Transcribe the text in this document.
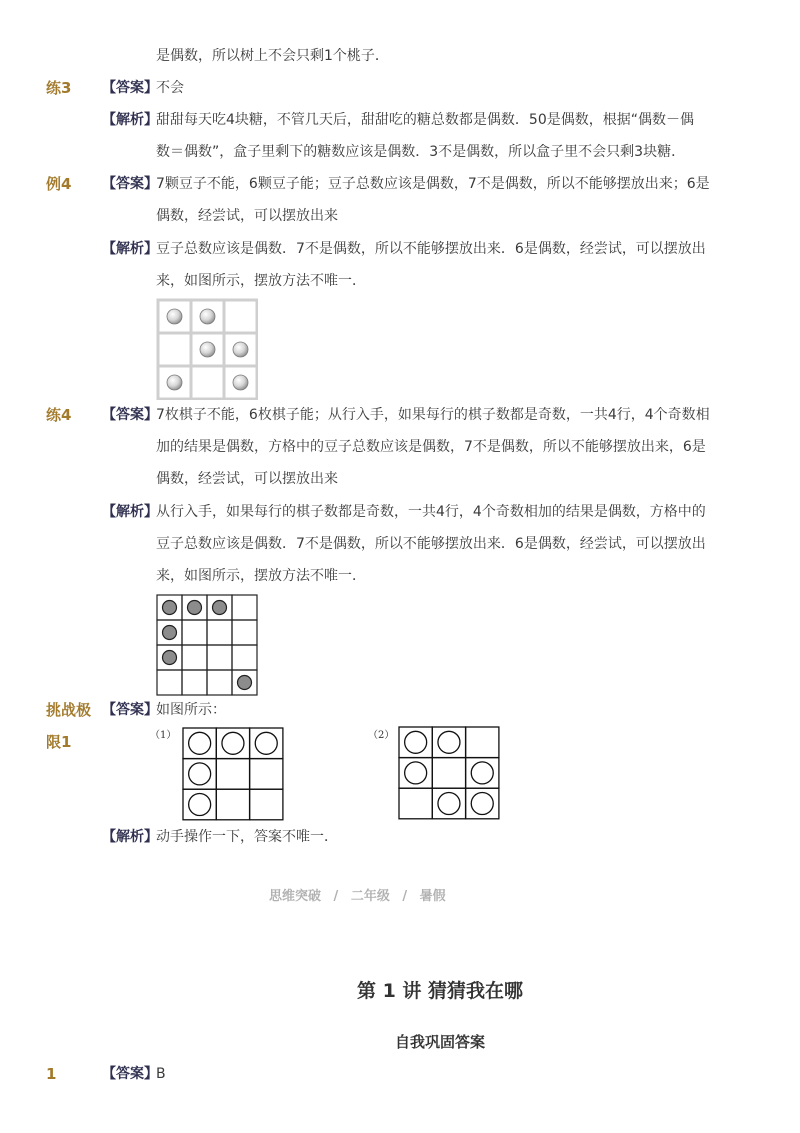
是偶数，所以树上不会只剩1个桃子．
练3 【答案】
不会
【解析】
甜甜每天吃4块糖，不管几天后，甜甜吃的糖总数都是偶数．50是偶数，根据“偶数－偶
数＝偶数”，盒子里剩下的糖数应该是偶数．3不是偶数，所以盒子里不会只剩3块糖．
例4 【答案】
7颗豆子不能，6颗豆子能；豆子总数应该是偶数，7不是偶数，所以不能够摆放出来；6是
偶数，经尝试，可以摆放出来
【解析】
豆子总数应该是偶数．7不是偶数，所以不能够摆放出来．6是偶数，经尝试，可以摆放出
来，如图所示，摆放方法不唯一．
练4 【答案】
7枚棋子不能，6枚棋子能；从行入手，如果每行的棋子数都是奇数，一共4行，4个奇数相
加的结果是偶数，方格中的豆子总数应该是偶数，7不是偶数，所以不能够摆放出来，6是
偶数，经尝试，可以摆放出来
【解析】
从行入手，如果每行的棋子数都是奇数，一共4行，4个奇数相加的结果是偶数，方格中的
豆子总数应该是偶数．7不是偶数，所以不能够摆放出来．6是偶数，经尝试，可以摆放出
来，如图所示，摆放方法不唯一．
挑战极
限1
【答案】
如图所示：
（1）	（2）
【解析】
动手操作一下，答案不唯一．
思维突破 / 二年级 / 暑假
第 1 讲 猜猜我在哪
自我巩固答案
1	【答案】
B
